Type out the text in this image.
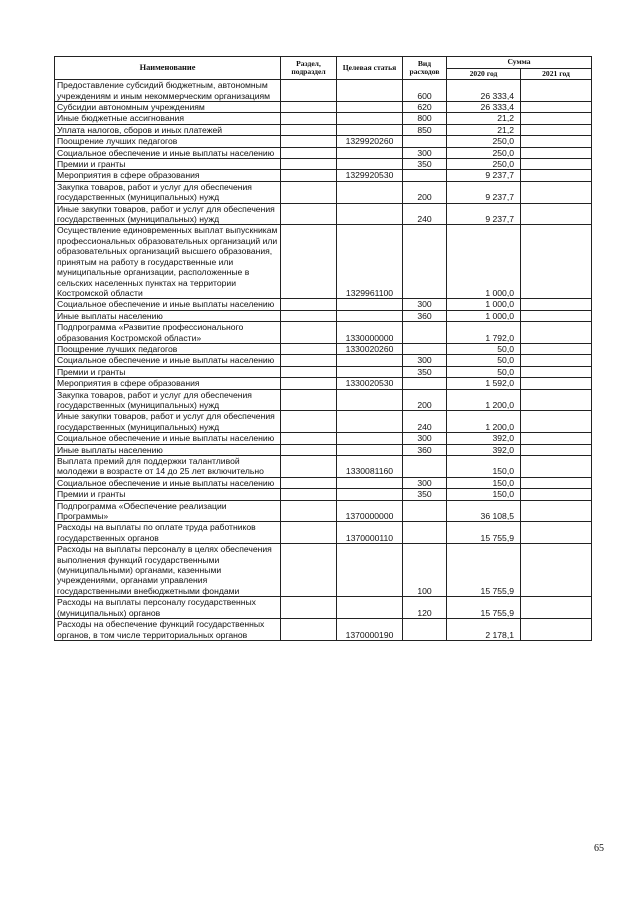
Наименование	Раздел, подраздел	Целевая статья	Вид расходов	Сумма	
				2020 год	2021 год
Предоставление субсидий бюджетным, автономным учреждениям и иным некоммерческим организациям			600	26 333,4	
Субсидии автономным учреждениям			620	26 333,4	
Иные бюджетные ассигнования			800	21,2	
Уплата налогов, сборов и иных платежей			850	21,2	
Поощрение лучших педагогов		1329920260		250,0	
Социальное обеспечение и иные выплаты населению			300	250,0	
Премии и гранты			350	250,0	
Мероприятия в сфере образования		1329920530		9 237,7	
Закупка товаров, работ и услуг для обеспечения государственных (муниципальных) нужд			200	9 237,7	
Иные закупки товаров, работ и услуг для обеспечения государственных (муниципальных) нужд			240	9 237,7	
Осуществление единовременных выплат выпускникам профессиональных образовательных организаций или образовательных организаций высшего образования, принятым на работу в государственные или муниципальные организации, расположенные в сельских населенных пунктах на территории Костромской области		1329961100		1 000,0	
Социальное обеспечение и иные выплаты населению			300	1 000,0	
Иные выплаты населению			360	1 000,0	
Подпрограмма «Развитие профессионального образования Костромской области»		1330000000		1 792,0	
Поощрение лучших педагогов		1330020260		50,0	
Социальное обеспечение и иные выплаты населению			300	50,0	
Премии и гранты			350	50,0	
Мероприятия в сфере образования		1330020530		1 592,0	
Закупка товаров, работ и услуг для обеспечения государственных (муниципальных) нужд			200	1 200,0	
Иные закупки товаров, работ и услуг для обеспечения государственных (муниципальных) нужд			240	1 200,0	
Социальное обеспечение и иные выплаты населению			300	392,0	
Иные выплаты населению			360	392,0	
Выплата премий для поддержки талантливой молодежи в возрасте от 14 до 25 лет включительно		1330081160		150,0	
Социальное обеспечение и иные выплаты населению			300	150,0	
Премии и гранты			350	150,0	
Подпрограмма «Обеспечение реализации Программы»		1370000000		36 108,5	
Расходы на выплаты по оплате труда работников государственных органов		1370000110		15 755,9	
Расходы на выплаты персоналу в целях обеспечения выполнения функций государственными (муниципальными) органами, казенными учреждениями, органами управления государственными внебюджетными фондами			100	15 755,9	
Расходы на выплаты персоналу государственных (муниципальных) органов			120	15 755,9	
Расходы на обеспечение функций государственных органов, в том числе территориальных органов		1370000190		2 178,1	
65
